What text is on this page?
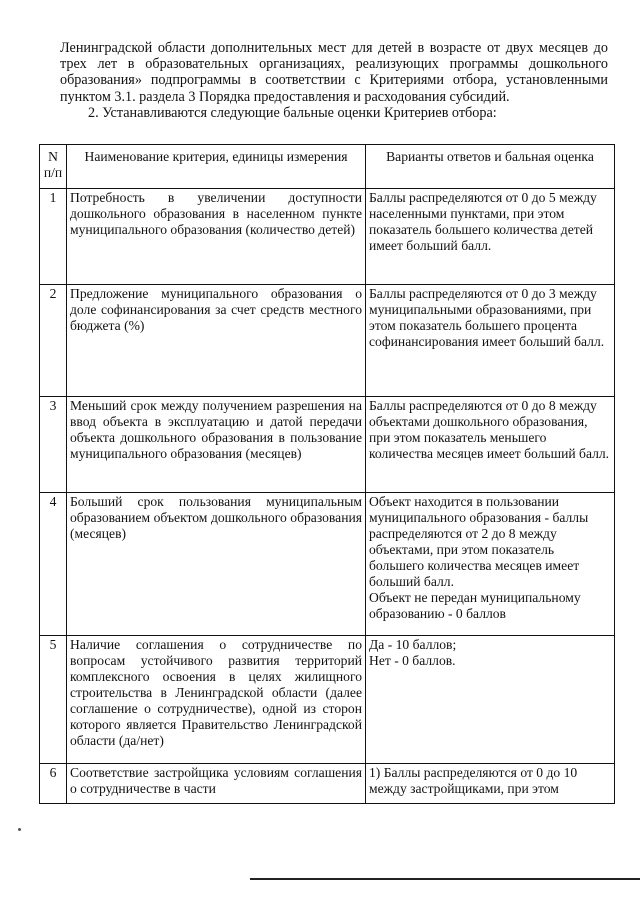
Ленинградской области дополнительных мест для детей в возрасте от двух месяцев до трех лет в образовательных организациях, реализующих программы дошкольного образования» подпрограммы в соответствии с Критериями отбора, установленными пунктом 3.1. раздела 3 Порядка предоставления и расходования субсидий.

2. Устанавливаются следующие бальные оценки Критериев отбора:

N п/п	Наименование критерия, единицы измерения	Варианты ответов и бальная оценка
1	Потребность в увеличении доступности дошкольного образования в населенном пункте муниципального образования (количество детей)	Баллы распределяются от 0 до 5 между населенными пунктами, при этом показатель большего количества детей имеет больший балл.

2	Предложение муниципального образования о доле софинансирования за счет средств местного бюджета (%)	Баллы распределяются от 0 до 3 между муниципальными образованиями, при этом показатель большего процента софинансирования имеет больший балл.

3	Меньший срок между получением разрешения на ввод объекта в эксплуатацию и датой передачи объекта дошкольного образования в пользование муниципального образования (месяцев)	Баллы распределяются от 0 до 8 между объектами дошкольного образования, при этом показатель меньшего количества месяцев имеет больший балл.

4	Больший срок пользования муниципальным образованием объектом дошкольного образования (месяцев)	Объект находится в пользовании муниципального образования - баллы распределяются от 2 до 8 между объектами, при этом показатель большего количества месяцев имеет больший балл.
Объект не передан муниципальному образованию - 0 баллов

5	Наличие соглашения о сотрудничестве по вопросам устойчивого развития территорий комплексного освоения в целях жилищного строительства в Ленинградской области (далее соглашение о сотрудничестве), одной из сторон которого является Правительство Ленинградской области (да/нет)	Да - 10 баллов;
Нет - 0 баллов.

6	Соответствие застройщика условиям соглашения о сотрудничестве в части	1) Баллы распределяются от 0 до 10 между застройщиками, при этом
